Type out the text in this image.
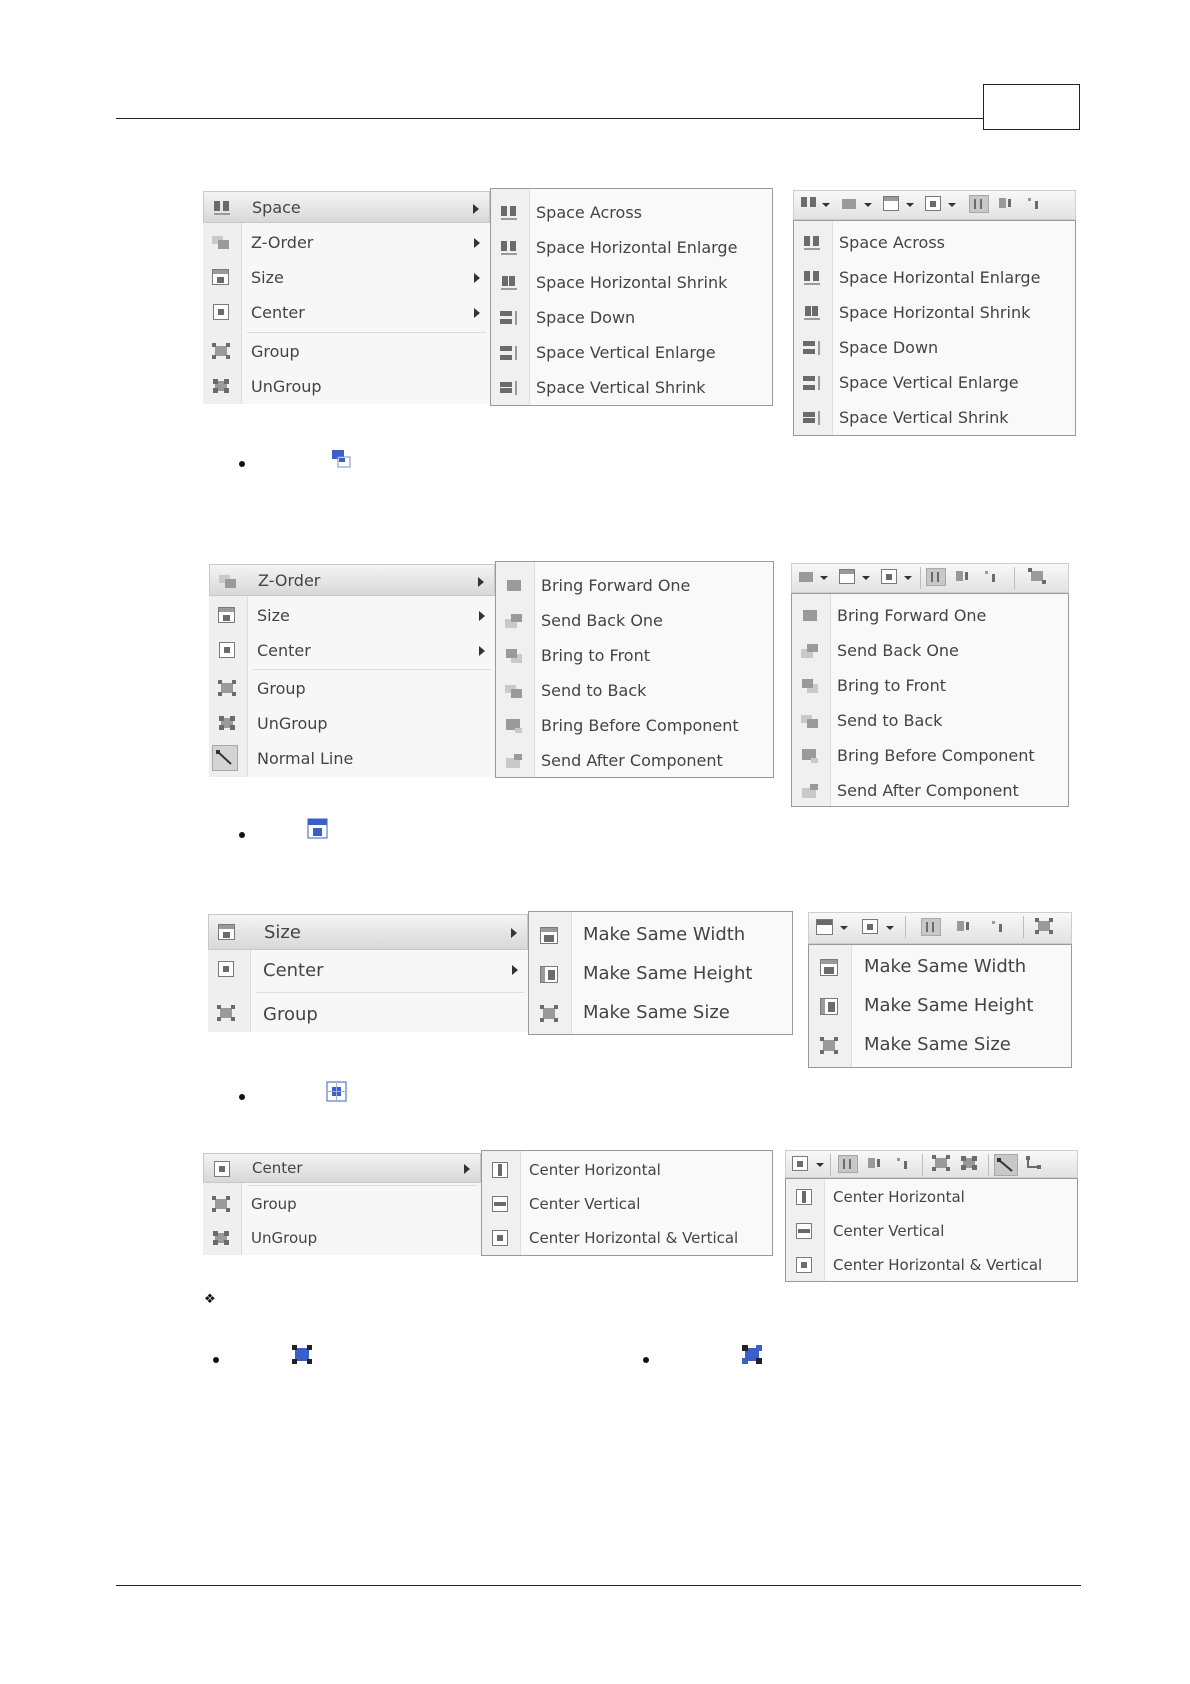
Space
Z-Order
Size
Center
Group
UnGroup
Space Across
Space Horizontal Enlarge
Space Horizontal Shrink
Space Down
Space Vertical Enlarge
Space Vertical Shrink
Space Across
Space Horizontal Enlarge
Space Horizontal Shrink
Space Down
Space Vertical Enlarge
Space Vertical Shrink
Z-Order
Size
Center
Group
UnGroup
Normal Line
Bring Forward One
Send Back One
Bring to Front
Send to Back
Bring Before Component
Send After Component
Bring Forward One
Send Back One
Bring to Front
Send to Back
Bring Before Component
Send After Component
Size
Center
Group
Make Same Width
Make Same Height
Make Same Size
Make Same Width
Make Same Height
Make Same Size
Center
Group
UnGroup
Center Horizontal
Center Vertical
Center Horizontal & Vertical
Center Horizontal
Center Vertical
Center Horizontal & Vertical
❖
